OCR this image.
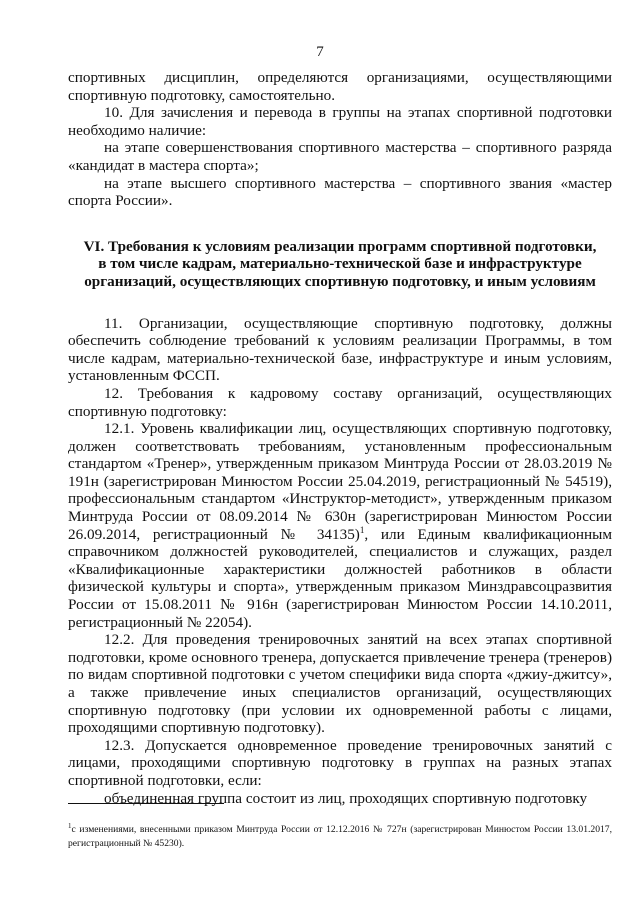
7

спортивных дисциплин, определяются организациями, осуществляющими спортивную подготовку, самостоятельно.

10. Для зачисления и перевода в группы на этапах спортивной подготовки необходимо наличие:

на этапе совершенствования спортивного мастерства – спортивного разряда «кандидат в мастера спорта»;

на этапе высшего спортивного мастерства – спортивного звания «мастер спорта России».

VI. Требования к условиям реализации программ спортивной подготовки,
в том числе кадрам, материально-технической базе и инфраструктуре
организаций, осуществляющих спортивную подготовку, и иным условиям

11. Организации, осуществляющие спортивную подготовку, должны обеспечить соблюдение требований к условиям реализации Программы, в том числе кадрам, материально-технической базе, инфраструктуре и иным условиям, установленным ФССП.

12. Требования к кадровому составу организаций, осуществляющих спортивную подготовку:

12.1. Уровень квалификации лиц, осуществляющих спортивную подготовку, должен соответствовать требованиям, установленным профессиональным стандартом «Тренер», утвержденным приказом Минтруда России от 28.03.2019 № 191н (зарегистрирован Минюстом России 25.04.2019, регистрационный № 54519), профессиональным стандартом «Инструктор-методист», утвержденным приказом Минтруда России от 08.09.2014 № 630н (зарегистрирован Минюстом России 26.09.2014, регистрационный № 34135)$^1$, или Единым квалификационным справочником должностей руководителей, специалистов и служащих, раздел «Квалификационные характеристики должностей работников в области физической культуры и спорта», утвержденным приказом Минздравсоцразвития России от 15.08.2011 № 916н (зарегистрирован Минюстом России 14.10.2011, регистрационный № 22054).

12.2. Для проведения тренировочных занятий на всех этапах спортивной подготовки, кроме основного тренера, допускается привлечение тренера (тренеров) по видам спортивной подготовки с учетом специфики вида спорта «джиу-джитсу», а также привлечение иных специалистов организаций, осуществляющих спортивную подготовку (при условии их одновременной работы с лицами, проходящими спортивную подготовку).

12.3. Допускается одновременное проведение тренировочных занятий с лицами, проходящими спортивную подготовку в группах на разных этапах спортивной подготовки, если:

объединенная группа состоит из лиц, проходящих спортивную подготовку

$^1$с изменениями, внесенными приказом Минтруда России от 12.12.2016 № 727н (зарегистрирован Минюстом России 13.01.2017, регистрационный № 45230).
